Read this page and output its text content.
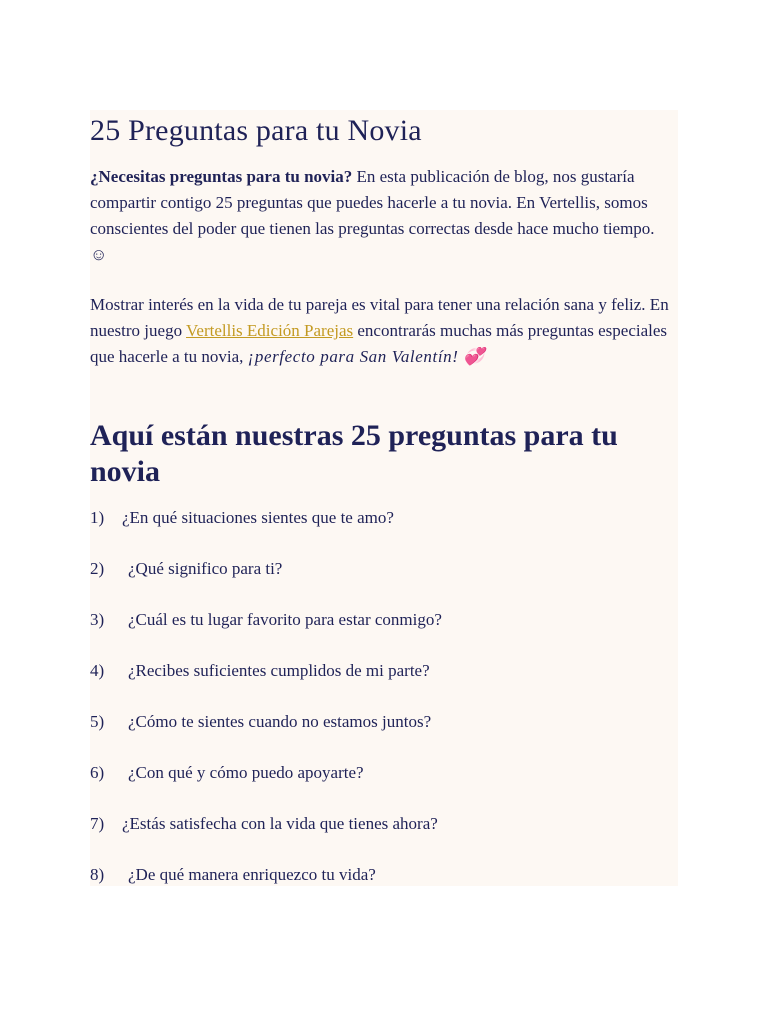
25 Preguntas para tu Novia

¿Necesitas preguntas para tu novia? En esta publicación de blog, nos gustaría compartir contigo 25 preguntas que puedes hacerle a tu novia. En Vertellis, somos conscientes del poder que tienen las preguntas correctas desde hace mucho tiempo. ☺

Mostrar interés en la vida de tu pareja es vital para tener una relación sana y feliz. En nuestro juego Vertellis Edición Parejas encontrarás muchas más preguntas especiales que hacerle a tu novia, ¡perfecto para San Valentín! 💞

Aquí están nuestras 25 preguntas para tu novia
1) ¿En qué situaciones sientes que te amo?
2) ¿Qué significo para ti?
3) ¿Cuál es tu lugar favorito para estar conmigo?
4) ¿Recibes suficientes cumplidos de mi parte?
5) ¿Cómo te sientes cuando no estamos juntos?
6) ¿Con qué y cómo puedo apoyarte?
7) ¿Estás satisfecha con la vida que tienes ahora?
8) ¿De qué manera enriquezco tu vida?
